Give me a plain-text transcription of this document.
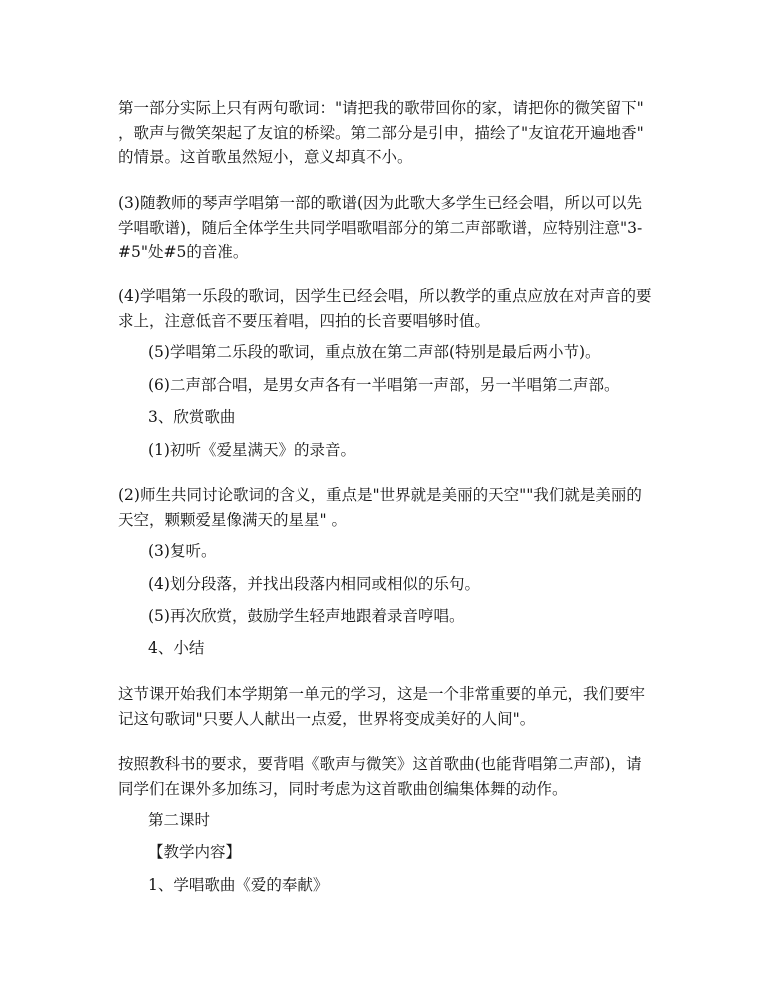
第一部分实际上只有两句歌词："请把我的歌带回你的家，请把你的微笑留下"
，歌声与微笑架起了友谊的桥梁。第二部分是引申，描绘了"友谊花开遍地香"
的情景。这首歌虽然短小，意义却真不小。
(3)随教师的琴声学唱第一部的歌谱(因为此歌大多学生已经会唱，所以可以先
学唱歌谱)，随后全体学生共同学唱歌唱部分的第二声部歌谱，应特别注意"3-
#5"处#5的音准。
(4)学唱第一乐段的歌词，因学生已经会唱，所以教学的重点应放在对声音的要
求上，注意低音不要压着唱，四拍的长音要唱够时值。
(5)学唱第二乐段的歌词，重点放在第二声部(特别是最后两小节)。
(6)二声部合唱，是男女声各有一半唱第一声部，另一半唱第二声部。
3、欣赏歌曲
(1)初听《爱星满天》的录音。
(2)师生共同讨论歌词的含义，重点是"世界就是美丽的天空""我们就是美丽的
天空，颗颗爱星像满天的星星" 。
(3)复听。
(4)划分段落，并找出段落内相同或相似的乐句。
(5)再次欣赏，鼓励学生轻声地跟着录音哼唱。
4、小结
这节课开始我们本学期第一单元的学习，这是一个非常重要的单元，我们要牢
记这句歌词"只要人人献出一点爱，世界将变成美好的人间"。
按照教科书的要求，要背唱《歌声与微笑》这首歌曲(也能背唱第二声部)，请
同学们在课外多加练习，同时考虑为这首歌曲创编集体舞的动作。
第二课时
【教学内容】
1、学唱歌曲《爱的奉献》
